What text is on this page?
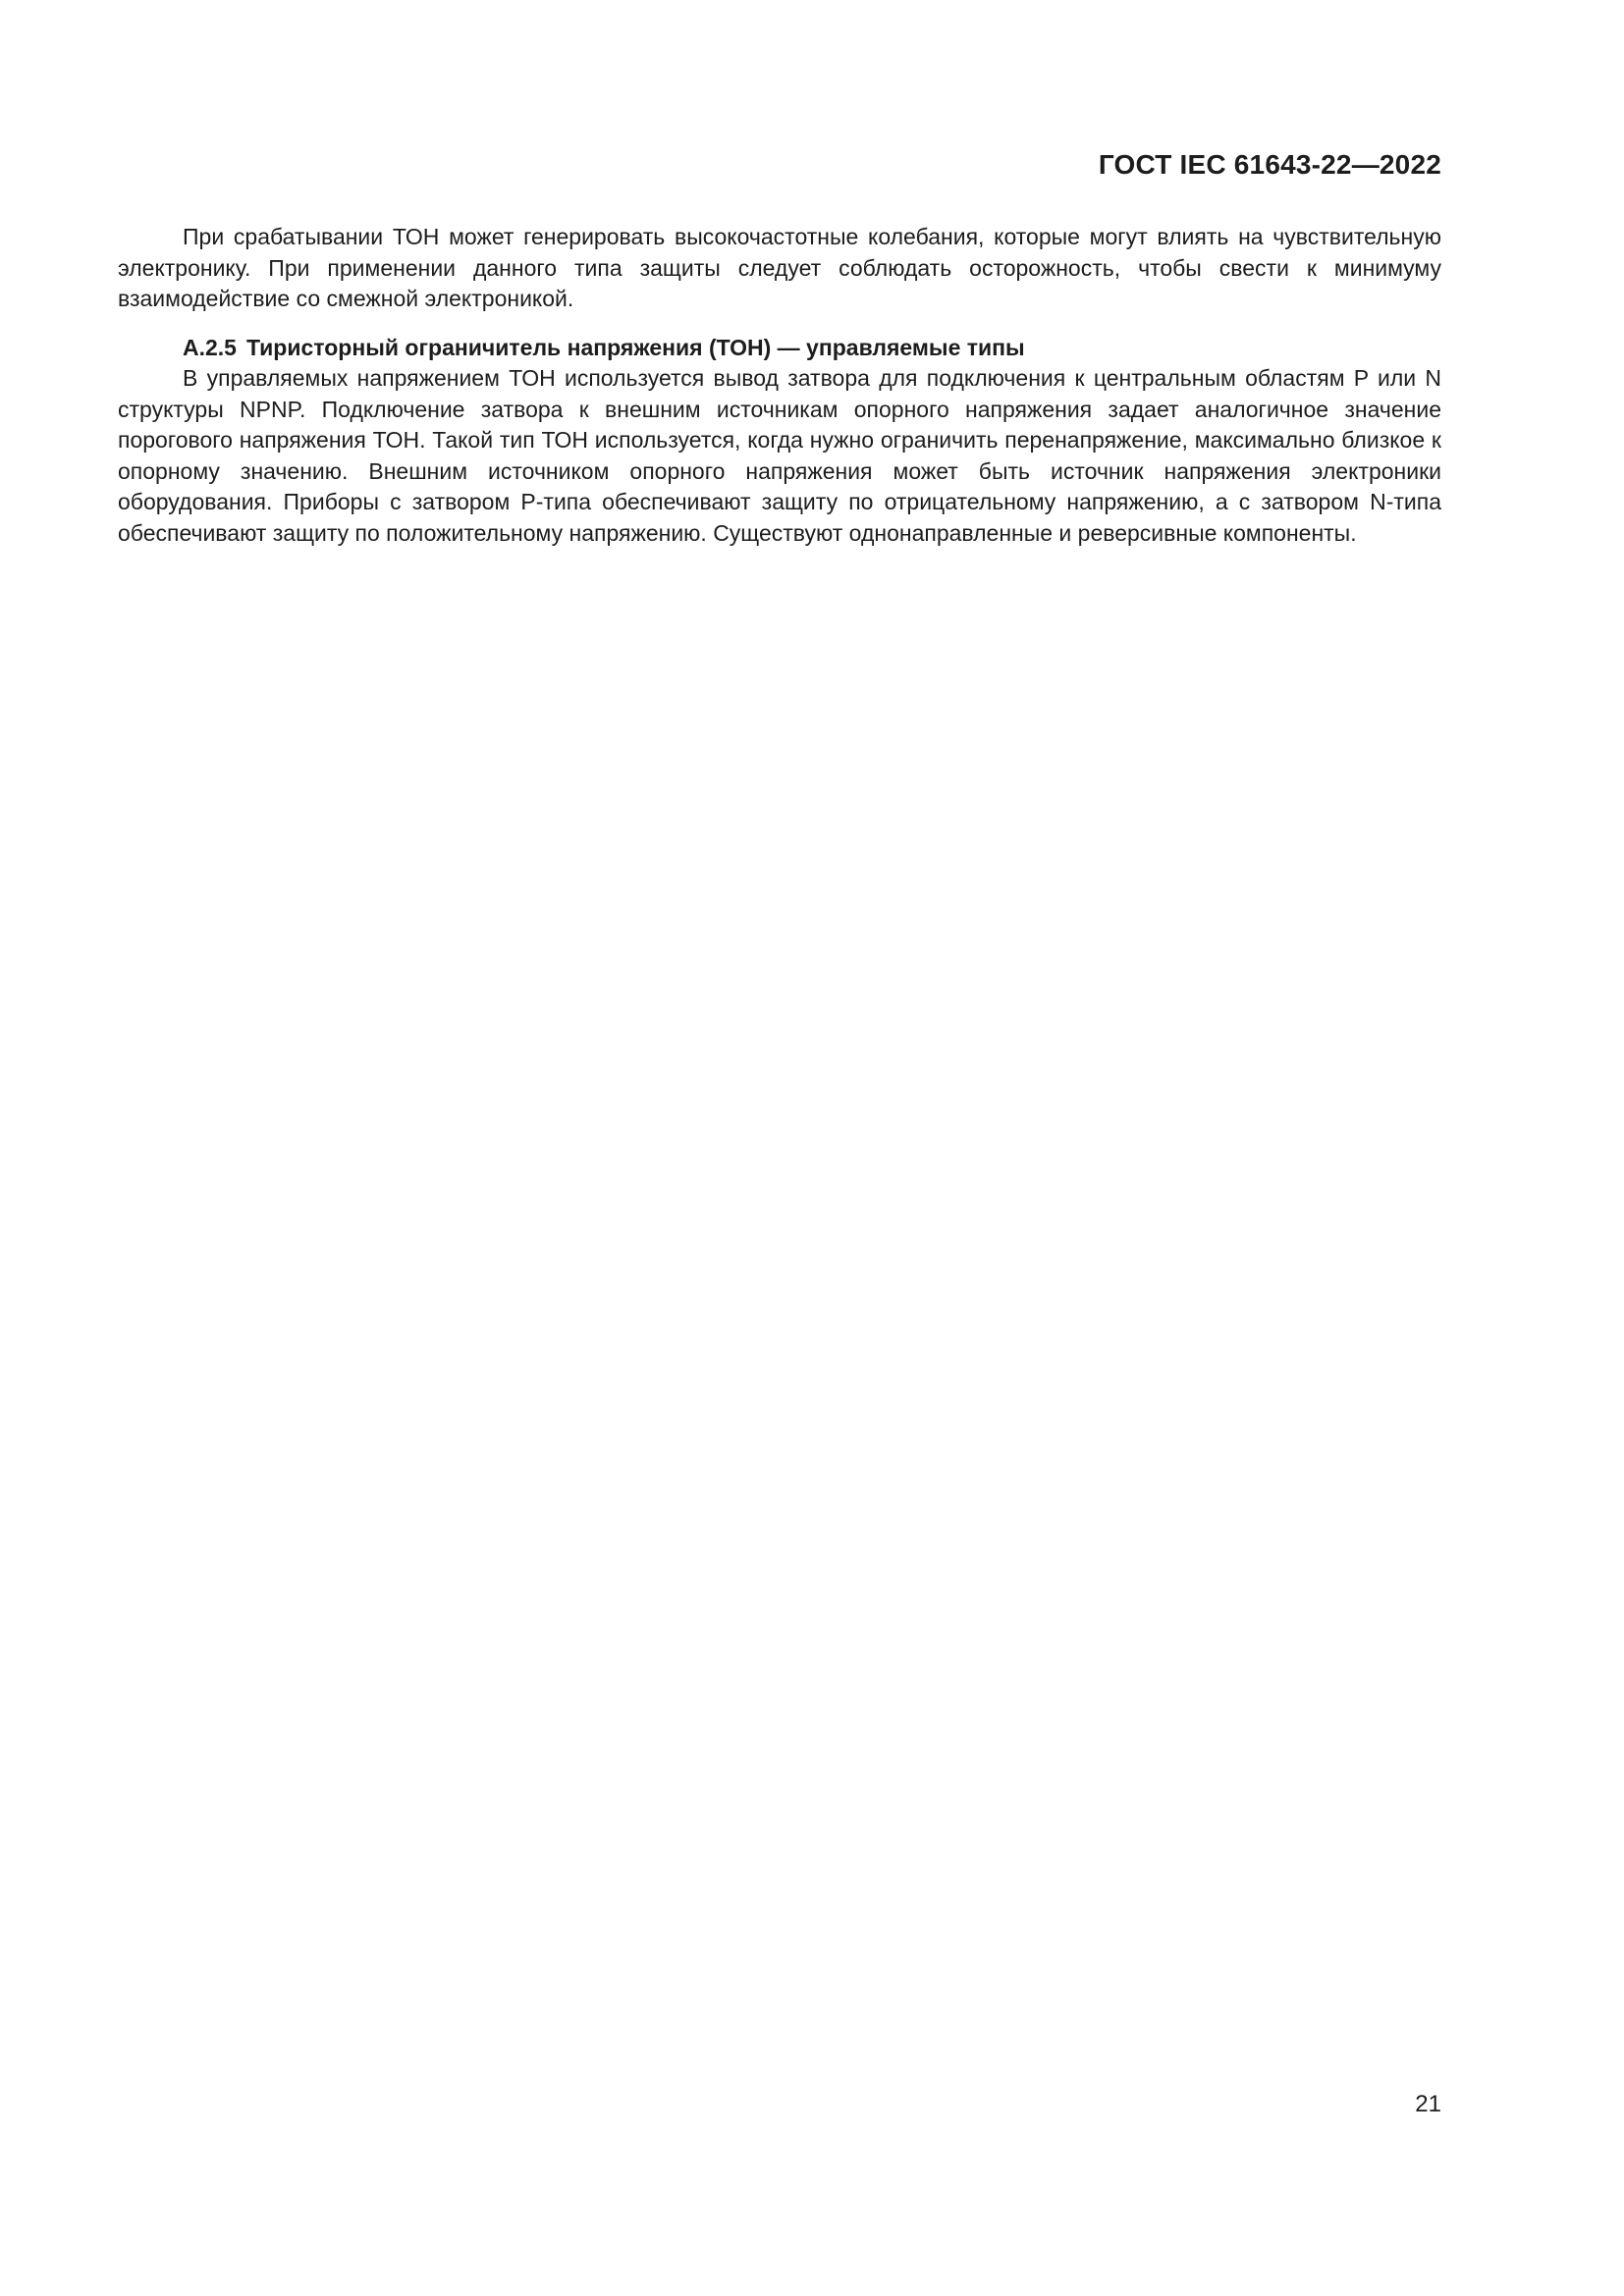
ГОСТ IEC 61643-22—2022

При срабатывании ТОН может генерировать высокочастотные колебания, которые могут влиять на чувствительную электронику. При применении данного типа защиты следует соблюдать осторожность, чтобы свести к минимуму взаимодействие со смежной электроникой.

А.2.5 Тиристорный ограничитель напряжения (ТОН) — управляемые типы

В управляемых напряжением ТОН используется вывод затвора для подключения к центральным областям P или N структуры NPNP. Подключение затвора к внешним источникам опорного напряжения задает аналогичное значение порогового напряжения ТОН. Такой тип ТОН используется, когда нужно ограничить перенапряжение, максимально близкое к опорному значению. Внешним источником опорного напряжения может быть источник напряжения электроники оборудования. Приборы с затвором P-типа обеспечивают защиту по отрицательному напряжению, а с затвором N-типа обеспечивают защиту по положительному напряжению. Существуют однонаправленные и реверсивные компоненты.

21
